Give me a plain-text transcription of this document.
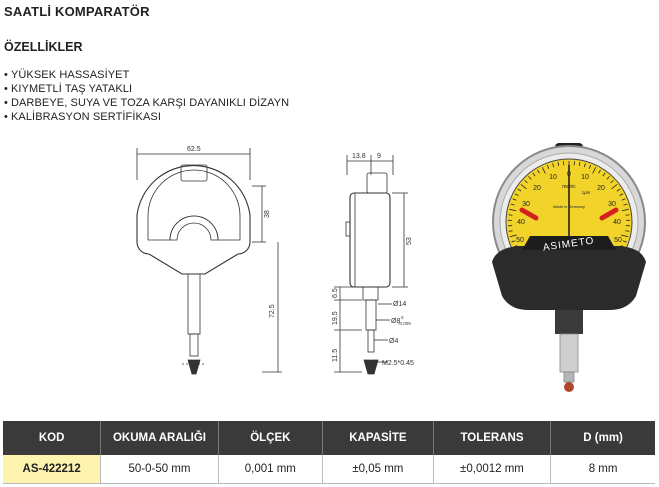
SAATLİ KOMPARATÖR
ÖZELLİKLER
• YÜKSEK HASSASİYET
• KIYMETLİ TAŞ YATAKLI
• DARBEYE, SUYA VE TOZA KARŞI DAYANIKLI DİZAYN
• KALİBRASYON SERTİFİKASI
62.5
38
72.5
13.8 9
53
6.5
19.5
11.5
Ø14
Ø8
0
-0.009
Ø4
M2.5*0.45
metric
1μm
Made in Germany
ASIMETO
20
10 0 10
20
30	30
40	40
50	50
KOD	OKUMA ARALIĞI	ÖLÇEK	KAPASİTE	TOLERANS	D (mm)
AS-422212	50-0-50 mm	0,001 mm	±0,05 mm	±0,0012 mm	8 mm
